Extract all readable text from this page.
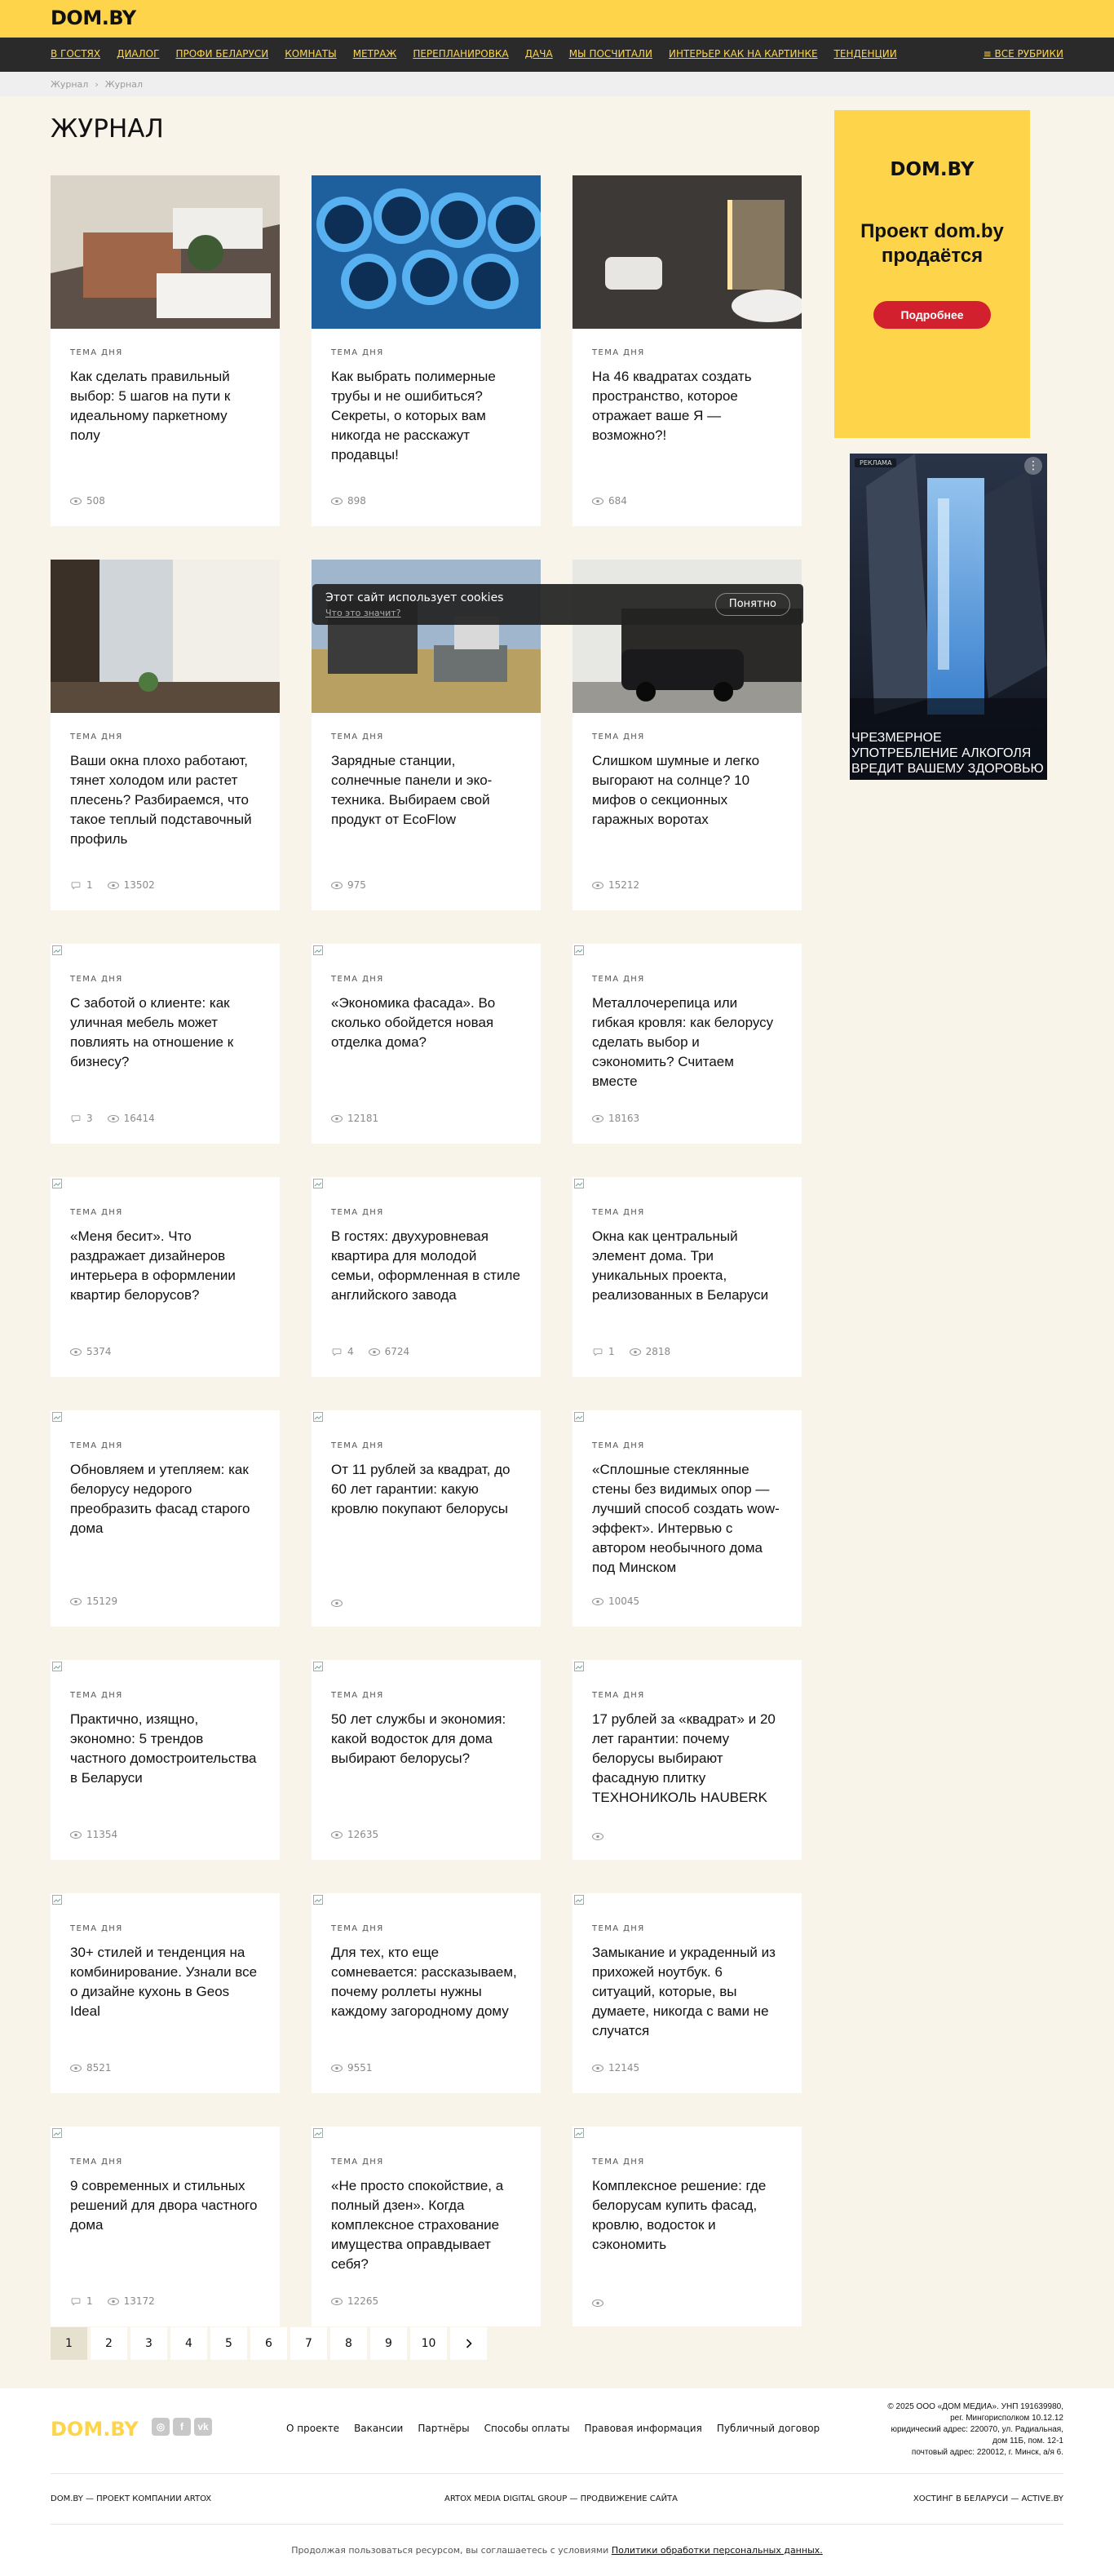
DOM.BY
В ГОСТЯХ ДИАЛОГ ПРОФИ БЕЛАРУСИ КОМНАТЫ МЕТРАЖ ПЕРЕПЛАНИРОВКА ДАЧА МЫ ПОСЧИТАЛИ ИНТЕРЬЕР КАК НА КАРТИНКЕ ТЕНДЕНЦИИ	≡ ВСЕ РУБРИКИ
Журнал › Журнал
ЖУРНАЛ
ТЕМА ДНЯ
Как сделать правильный выбор: 5 шагов на пути к идеальному паркетному полу
508
ТЕМА ДНЯ
Как выбрать полимерные трубы и не ошибиться? Секреты, о которых вам никогда не расскажут продавцы!
898
ТЕМА ДНЯ
На 46 квадратах создать пространство, которое отражает ваше Я — возможно?!
684
ТЕМА ДНЯ
Ваши окна плохо работают, тянет холодом или растет плесень? Разбираемся, что такое теплый подставочный профиль
1	13502
ТЕМА ДНЯ
Зарядные станции, солнечные панели и эко-техника. Выбираем свой продукт от EcoFlow
975
ТЕМА ДНЯ
Слишком шумные и легко выгорают на солнце? 10 мифов о секционных гаражных воротах
15212
ТЕМА ДНЯ
С заботой о клиенте: как уличная мебель может повлиять на отношение к бизнесу?
3	16414
ТЕМА ДНЯ
«Экономика фасада». Во сколько обойдется новая отделка дома?
12181
ТЕМА ДНЯ
Металлочерепица или гибкая кровля: как белорусу сделать выбор и сэкономить? Считаем вместе
18163
ТЕМА ДНЯ
«Меня бесит». Что раздражает дизайнеров интерьера в оформлении квартир белорусов?
5374
ТЕМА ДНЯ
В гостях: двухуровневая квартира для молодой семьи, оформленная в стиле английского завода
4	6724
ТЕМА ДНЯ
Окна как центральный элемент дома. Три уникальных проекта, реализованных в Беларуси
1	2818
ТЕМА ДНЯ
Обновляем и утепляем: как белорусу недорого преобразить фасад старого дома
15129
ТЕМА ДНЯ
От 11 рублей за квадрат, до 60 лет гарантии: какую кровлю покупают белорусы
ТЕМА ДНЯ
«Сплошные стеклянные стены без видимых опор — лучший способ создать wow-эффект». Интервью с автором необычного дома под Минском
10045
ТЕМА ДНЯ
Практично, изящно, экономно: 5 трендов частного домостроительства в Беларуси
11354
ТЕМА ДНЯ
50 лет службы и экономия: какой водосток для дома выбирают белорусы?
12635
ТЕМА ДНЯ
17 рублей за «квадрат» и 20 лет гарантии: почему белорусы выбирают фасадную плитку ТЕХНОНИКОЛЬ HAUBERK
ТЕМА ДНЯ
30+ стилей и тенденция на комбинирование. Узнали все о дизайне кухонь в Geos Ideal
8521
ТЕМА ДНЯ
Для тех, кто еще сомневается: рассказываем, почему роллеты нужны каждому загородному дому
9551
ТЕМА ДНЯ
Замыкание и украденный из прихожей ноутбук. 6 ситуаций, которые, вы думаете, никогда с вами не случатся
12145
ТЕМА ДНЯ
9 современных и стильных решений для двора частного дома
1	13172
ТЕМА ДНЯ
«Не просто спокойствие, а полный дзен». Когда комплексное страхование имущества оправдывает себя?
12265
ТЕМА ДНЯ
Комплексное решение: где белорусам купить фасад, кровлю, водосток и сэкономить
DOM.BY
Проект dom.by продаётся
Подробнее
РЕКЛАМА	⋮
ЧРЕЗМЕРНОЕ УПОТРЕБЛЕНИЕ АЛКОГОЛЯ ВРЕДИТ ВАШЕМУ ЗДОРОВЬЮ
Этот сайт использует cookies
Что это значит?
Понятно
1	2	3	4	5	6	7	8	9	10
DOM.BY	◎	f	vk	О проекте Вакансии Партнёры Способы оплаты Правовая информация Публичный договор
© 2025 ООО «ДОМ МЕДИА». УНП 191639980,
рег. Мингорисполком 10.12.12
юридический адрес: 220070, ул. Радиальная,
дом 11Б, пом. 12-1
почтовый адрес: 220012, г. Минск, а/я 6.
DOM.BY — ПРОЕКТ КОМПАНИИ ARTOX	ARTOX MEDIA DIGITAL GROUP — ПРОДВИЖЕНИЕ САЙТА	ХОСТИНГ В БЕЛАРУСИ — ACTIVE.BY
Продолжая пользоваться ресурсом, вы соглашаетесь с условиями Политики обработки персональных данных.
